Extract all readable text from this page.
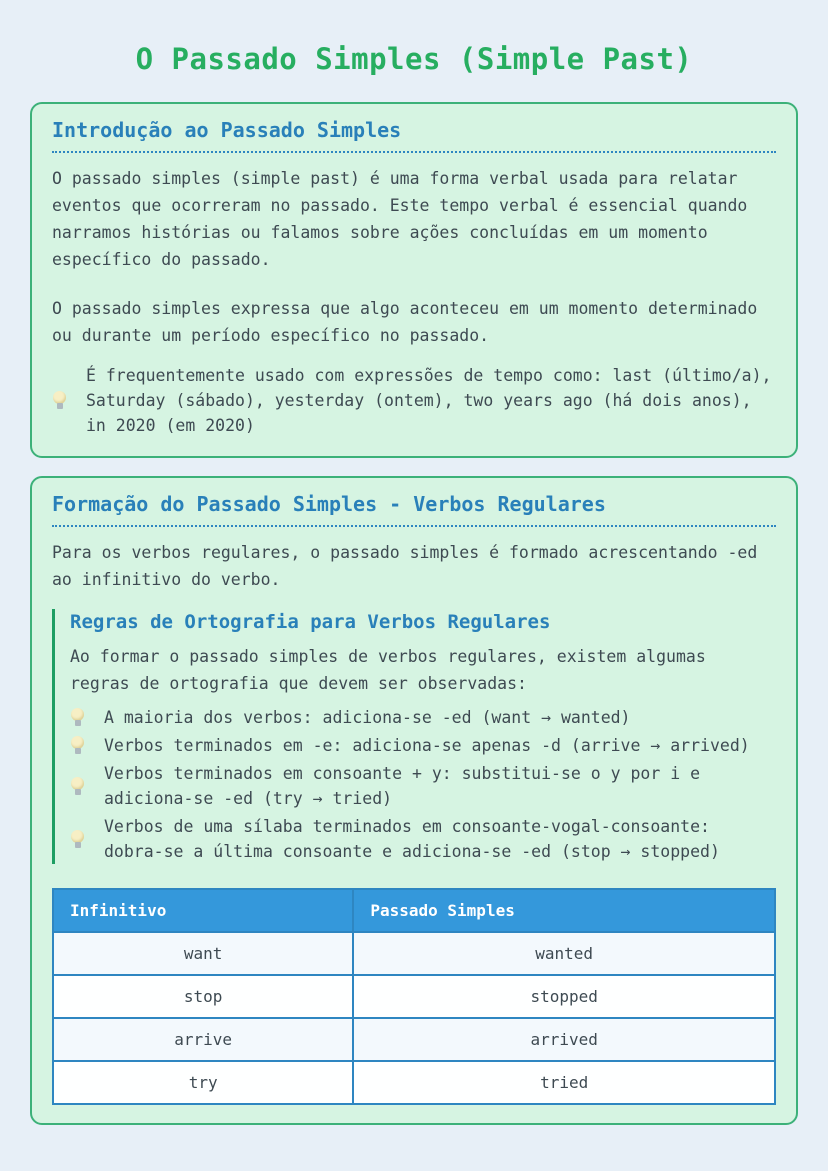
O Passado Simples (Simple Past)
Introdução ao Passado Simples

O passado simples (simple past) é uma forma verbal usada para relatar eventos que ocorreram no passado. Este tempo verbal é essencial quando narramos histórias ou falamos sobre ações concluídas em um momento específico do passado.

O passado simples expressa que algo aconteceu em um momento determinado ou durante um período específico no passado.

É frequentemente usado com expressões de tempo como: last (último/a), Saturday (sábado), yesterday (ontem), two years ago (há dois anos), in 2020 (em 2020)

Formação do Passado Simples - Verbos Regulares

Para os verbos regulares, o passado simples é formado acrescentando -ed ao infinitivo do verbo.

Regras de Ortografia para Verbos Regulares

Ao formar o passado simples de verbos regulares, existem algumas regras de ortografia que devem ser observadas:

A maioria dos verbos: adiciona-se -ed (want → wanted)
Verbos terminados em -e: adiciona-se apenas -d (arrive → arrived)
Verbos terminados em consoante + y: substitui-se o y por i e adiciona-se -ed (try → tried)
Verbos de uma sílaba terminados em consoante-vogal-consoante: dobra-se a última consoante e adiciona-se -ed (stop → stopped)
Infinitivo	Passado Simples
want	wanted
stop	stopped
arrive	arrived
try	tried
